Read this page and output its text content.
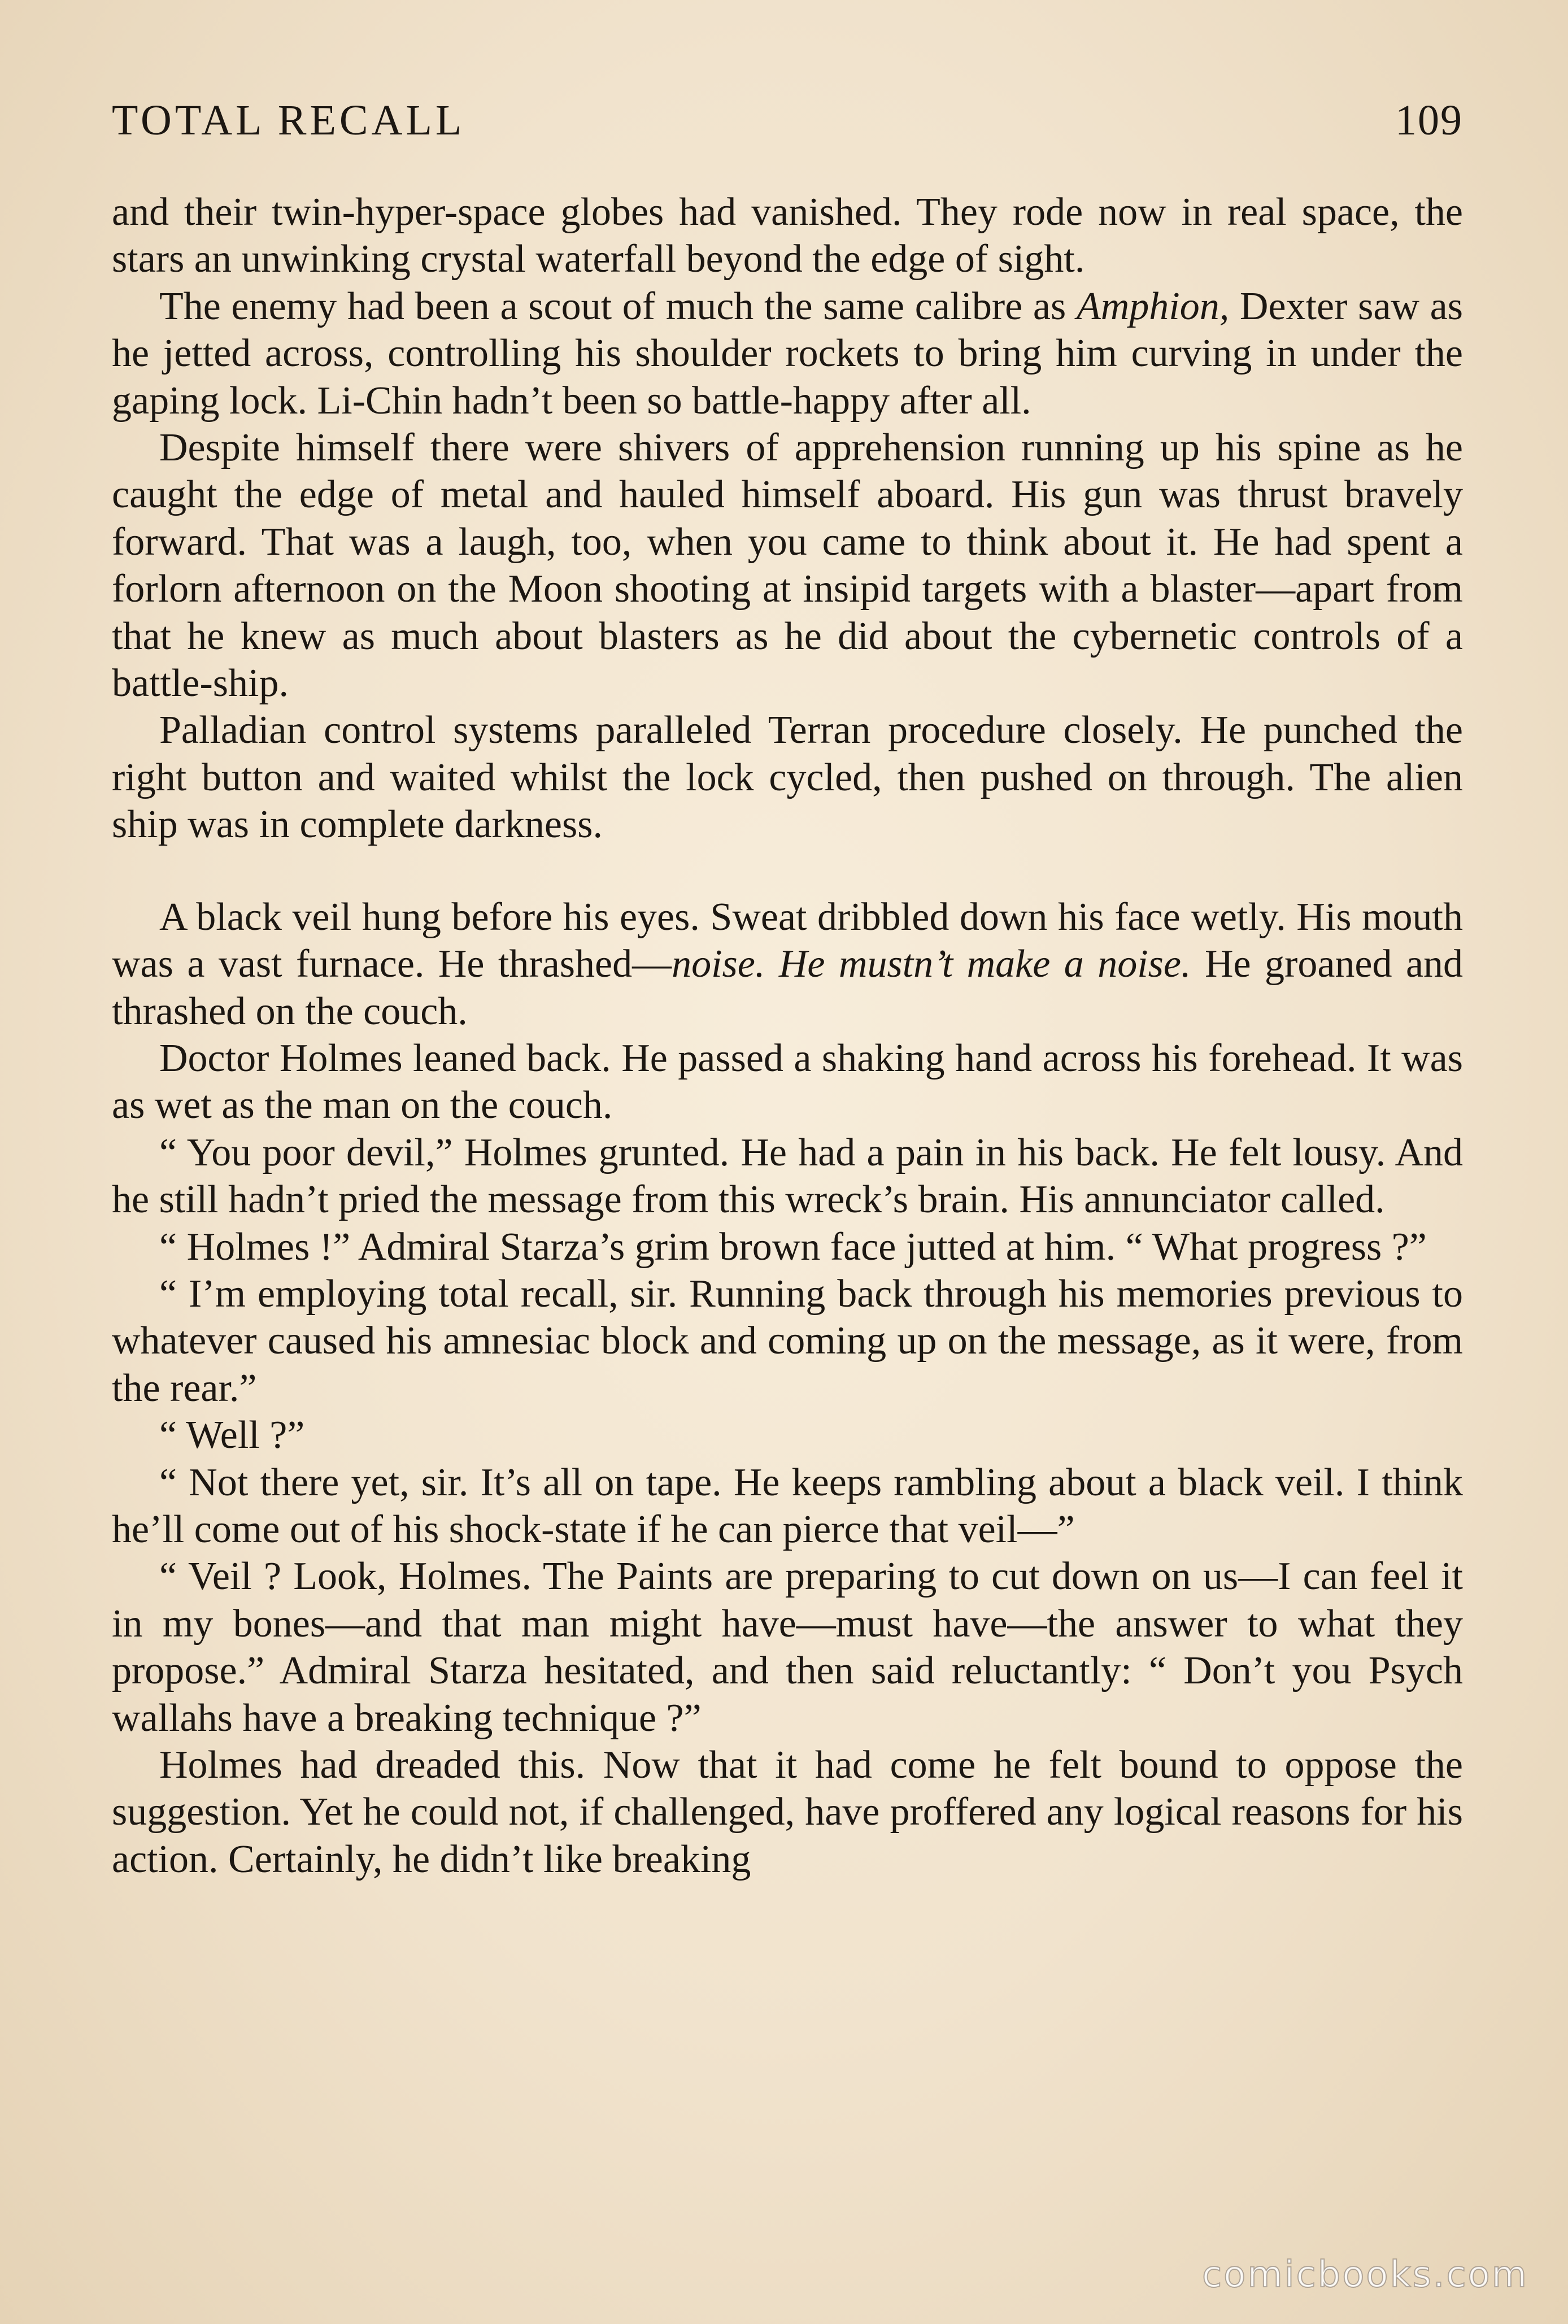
TOTAL RECALL	109

and their twin-hyper-space globes had vanished. They rode now in real space, the stars an unwinking crystal waterfall beyond the edge of sight.

The enemy had been a scout of much the same calibre as Amphion, Dexter saw as he jetted across, controlling his shoulder rockets to bring him curving in under the gaping lock. Li-Chin hadn’t been so battle-happy after all.

Despite himself there were shivers of apprehension running up his spine as he caught the edge of metal and hauled himself aboard. His gun was thrust bravely forward. That was a laugh, too, when you came to think about it. He had spent a forlorn afternoon on the Moon shooting at insipid targets with a blaster—apart from that he knew as much about blasters as he did about the cybernetic controls of a battle-ship.

Palladian control systems paralleled Terran procedure closely. He punched the right button and waited whilst the lock cycled, then pushed on through. The alien ship was in complete darkness.

A black veil hung before his eyes. Sweat dribbled down his face wetly. His mouth was a vast furnace. He thrashed—noise. He mustn’t make a noise. He groaned and thrashed on the couch.

Doctor Holmes leaned back. He passed a shaking hand across his forehead. It was as wet as the man on the couch.

“ You poor devil,” Holmes grunted. He had a pain in his back. He felt lousy. And he still hadn’t pried the message from this wreck’s brain. His annunciator called.

“ Holmes !” Admiral Starza’s grim brown face jutted at him. “ What progress ?”

“ I’m employing total recall, sir. Running back through his memories previous to whatever caused his amnesiac block and coming up on the message, as it were, from the rear.”

“ Well ?”

“ Not there yet, sir. It’s all on tape. He keeps rambling about a black veil. I think he’ll come out of his shock-state if he can pierce that veil—”

“ Veil ? Look, Holmes. The Paints are preparing to cut down on us—I can feel it in my bones—and that man might have—must have—the answer to what they propose.” Admiral Starza hesitated, and then said reluctantly: “ Don’t you Psych wallahs have a breaking technique ?”

Holmes had dreaded this. Now that it had come he felt bound to oppose the suggestion. Yet he could not, if challenged, have proffered any logical reasons for his action. Certainly, he didn’t like breaking

comicbooks.com
